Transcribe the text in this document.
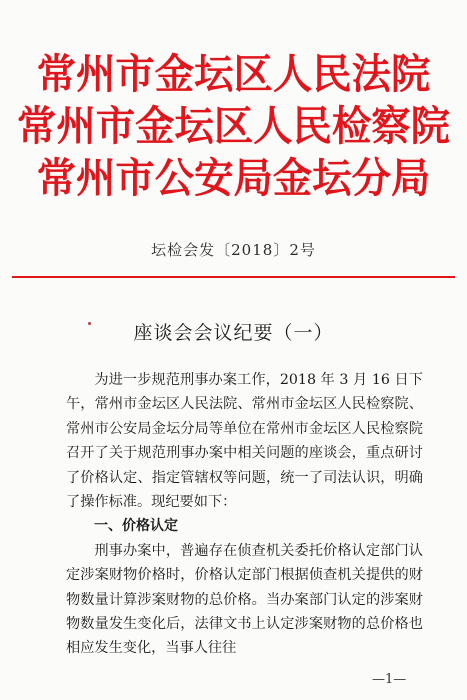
常州市金坛区人民法院
常州市金坛区人民检察院
常州市公安局金坛分局
坛检会发〔2018〕2号
座谈会会议纪要（一）

为进一步规范刑事办案工作，2018 年 3 月 16 日下午，常州市金坛区人民法院、常州市金坛区人民检察院、常州市公安局金坛分局等单位在常州市金坛区人民检察院召开了关于规范刑事办案中相关问题的座谈会，重点研讨了价格认定、指定管辖权等问题，统一了司法认识，明确了操作标准。现纪要如下：

一、价格认定

刑事办案中，普遍存在侦查机关委托价格认定部门认定涉案财物价格时，价格认定部门根据侦查机关提供的财物数量计算涉案财物的总价格。当办案部门认定的涉案财物数量发生变化后，法律文书上认定涉案财物的总价格也相应发生变化，当事人往往

—1—
